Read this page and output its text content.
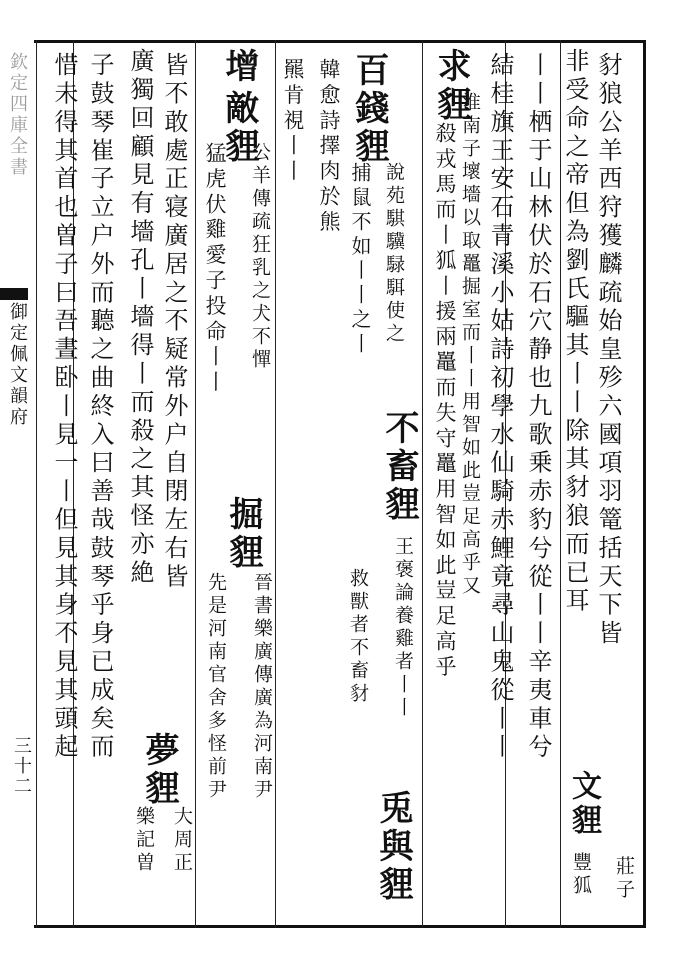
欽定四庫全書
御定佩文韻府
三十二
豺狼公羊西狩獲麟疏始皇殄六國項羽篭括天下皆
非受命之帝但為劉氏驅其丨丨除其豺狼而已耳
丨丨栖于山林伏於石穴静也九歌乗赤豹兮從丨丨辛夷車兮
結桂旗王安石青溪小姑詩初學水仙騎赤鯉竟尋山鬼從丨丨
求貍
殺戎馬而丨狐丨援兩鼉而失守鼉用智如此豈足高乎 淮南子壞墻以取鼉掘室而丨丨用智如此豈足高乎又
百錢貍
捕鼠不如丨丨之丨 說苑騏驥騄駬使之
不畜貍
王褒論養雞者丨丨
救獸者不畜豺
兎與貍
韓愈詩擇肉於熊
羆肯視丨丨
增
敵貍
公羊傳疏狂乳之犬不憚
猛虎伏雞愛子投命丨丨
掘貍
晉書樂廣傳廣為河南尹
先是河南官舍多怪前尹
皆不敢處正寝廣居之不疑常外户自閉左右皆
廣獨回顧見有墻孔丨墻得丨而殺之其怪亦絶
夢貍
大周正
樂記曽
子鼓琴崔子立户外而聽之曲終入曰善哉鼓琴乎身已成矣而
惜未得其首也曽子曰吾晝卧丨見一丨但見其身不見其頭起
文貍
莊子
豐狐
